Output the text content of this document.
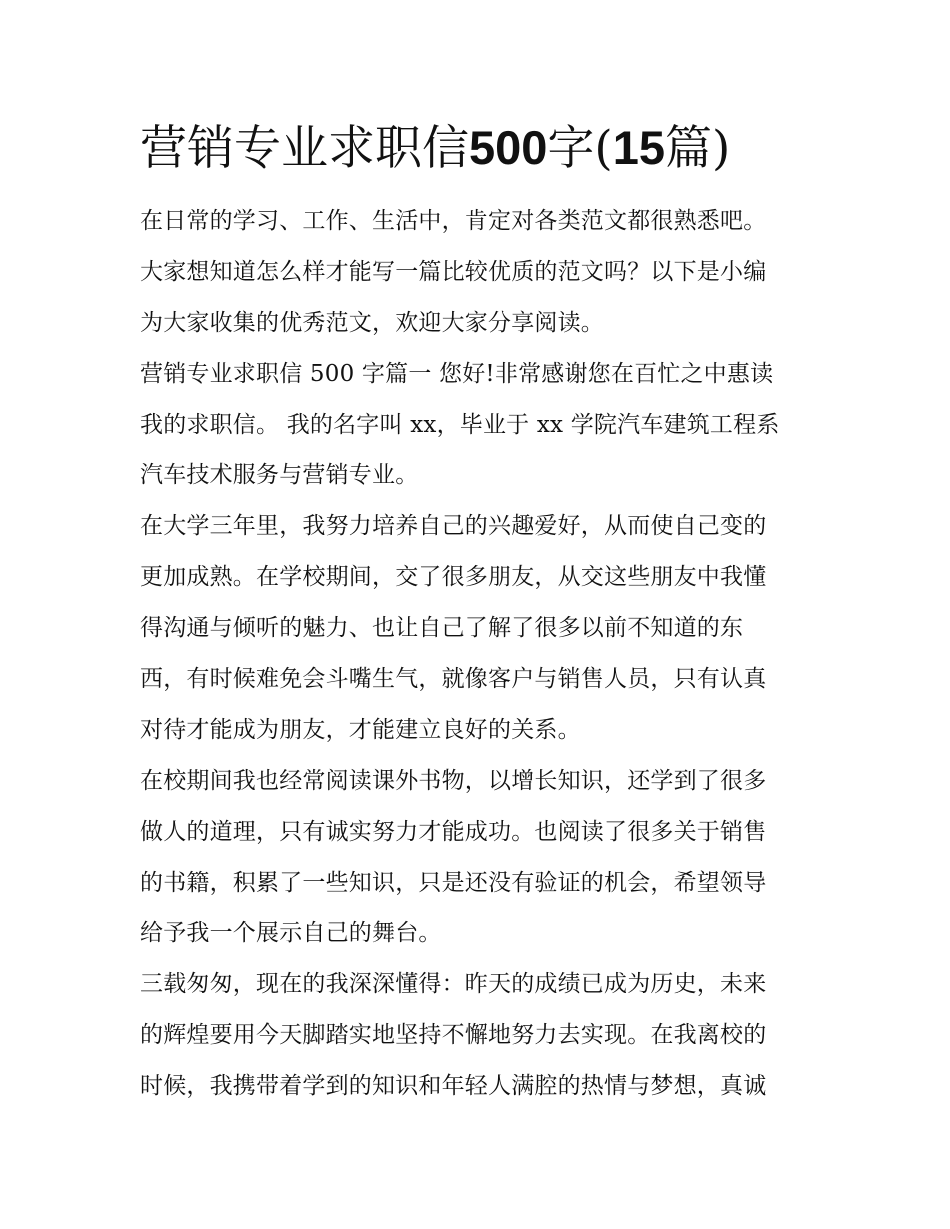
营销专业求职信500字(15篇)
在日常的学习、工作、生活中，肯定对各类范文都很熟悉吧。
大家想知道怎么样才能写一篇比较优质的范文吗？以下是小编
为大家收集的优秀范文，欢迎大家分享阅读。
营销专业求职信 500 字篇一 您好!非常感谢您在百忙之中惠读
我的求职信。 我的名字叫 xx，毕业于 xx 学院汽车建筑工程系
汽车技术服务与营销专业。
在大学三年里，我努力培养自己的兴趣爱好，从而使自己变的
更加成熟。在学校期间，交了很多朋友，从交这些朋友中我懂
得沟通与倾听的魅力、也让自己了解了很多以前不知道的东
西，有时候难免会斗嘴生气，就像客户与销售人员，只有认真
对待才能成为朋友，才能建立良好的关系。
在校期间我也经常阅读课外书物，以增长知识，还学到了很多
做人的道理，只有诚实努力才能成功。也阅读了很多关于销售
的书籍，积累了一些知识，只是还没有验证的机会，希望领导
给予我一个展示自己的舞台。
三载匆匆，现在的我深深懂得：昨天的成绩已成为历史，未来
的辉煌要用今天脚踏实地坚持不懈地努力去实现。在我离校的
时候，我携带着学到的知识和年轻人满腔的热情与梦想，真诚
